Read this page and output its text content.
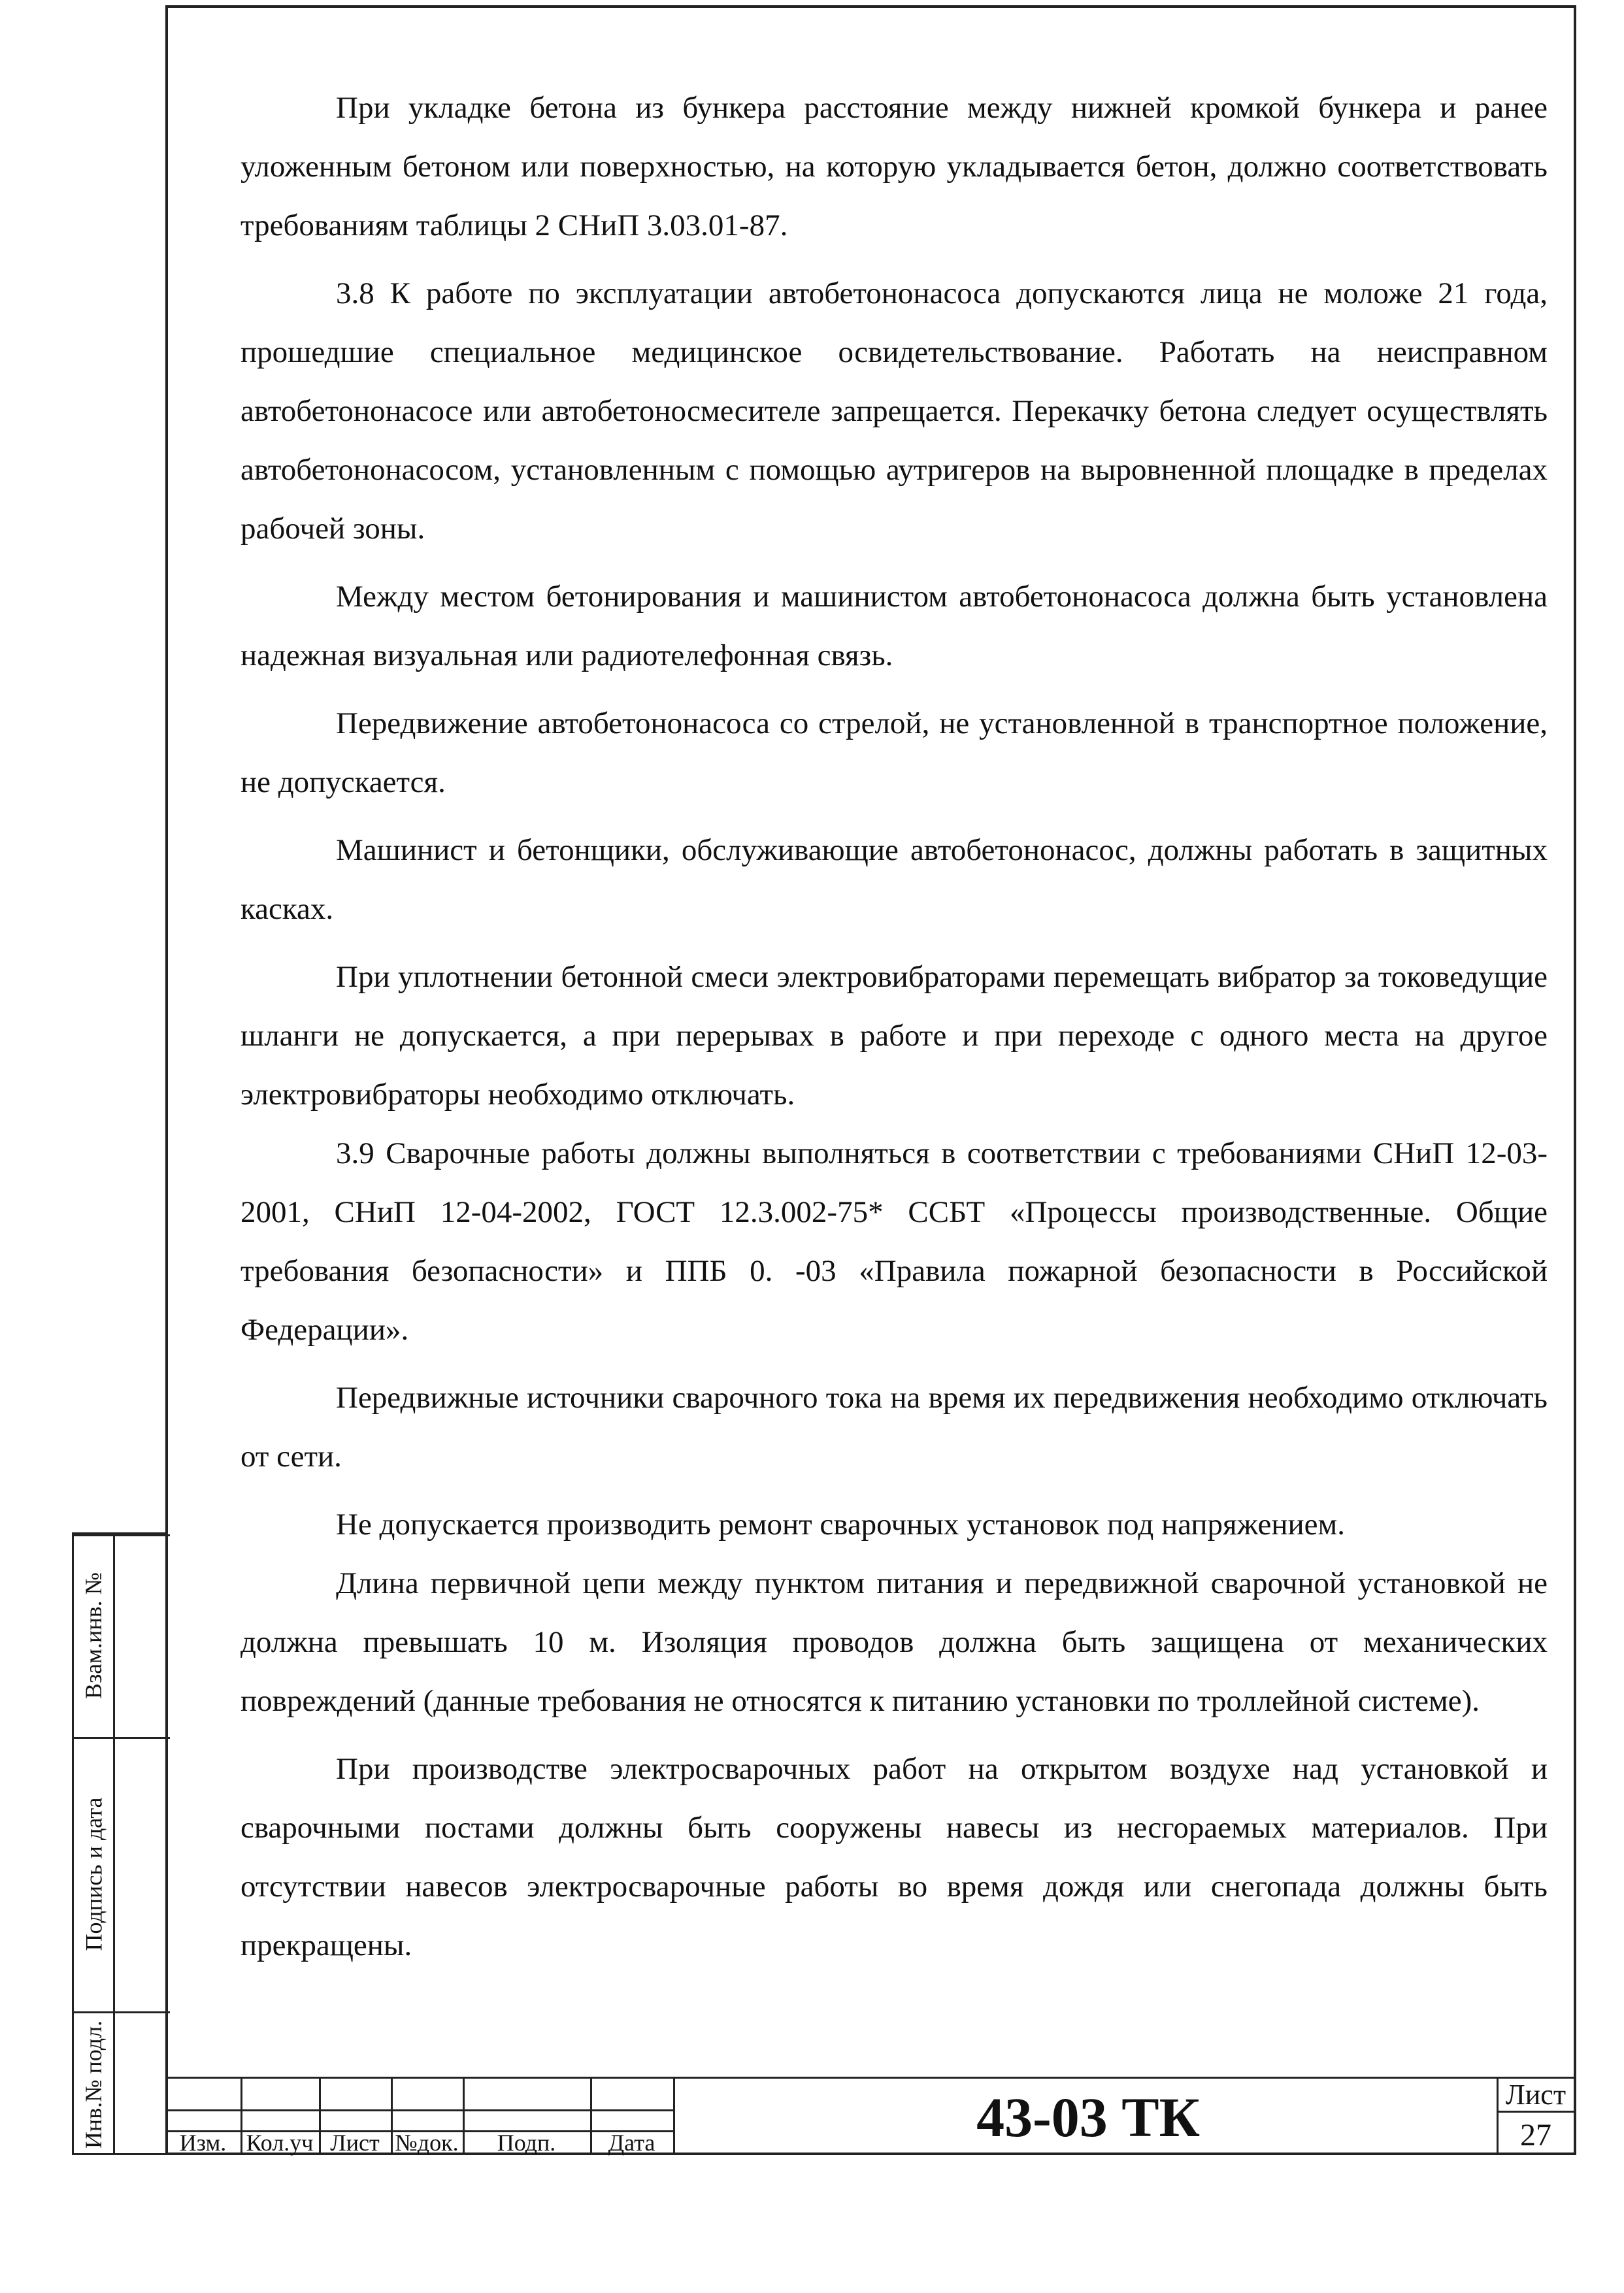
При укладке бетона из бункера расстояние между нижней кромкой бункера и ранее уложенным бетоном или поверхностью, на которую укладывается бетон, должно соответствовать требованиям таблицы 2 СНиП 3.03.01-87.

3.8 К работе по эксплуатации автобетононасоса допускаются лица не моложе 21 года, прошедшие специальное медицинское освидетельствование. Работать на неисправном автобетононасосе или автобетоносмесителе запрещается. Перекачку бетона следует осуществлять автобетононасосом, установленным с помощью аутригеров на выровненной площадке в пределах рабочей зоны.

Между местом бетонирования и машинистом автобетононасоса должна быть установлена надежная визуальная или радиотелефонная связь.

Передвижение автобетононасоса со стрелой, не установленной в транспортное положение, не допускается.

Машинист и бетонщики, обслуживающие автобетононасос, должны работать в защитных касках.

При уплотнении бетонной смеси электровибраторами перемещать вибратор за токоведущие шланги не допускается, а при перерывах в работе и при переходе с одного места на другое электровибраторы необходимо отключать.

3.9 Сварочные работы должны выполняться в соответствии с требованиями СНиП 12-03-2001, СНиП 12-04-2002, ГОСТ 12.3.002-75* ССБТ «Процессы производственные. Общие требования безопасности» и ППБ 0. -03 «Правила пожарной безопасности в Российской Федерации».

Передвижные источники сварочного тока на время их передвижения необходимо отключать от сети.

Не допускается производить ремонт сварочных установок под напряжением.

Длина первичной цепи между пунктом питания и передвижной сварочной установкой не должна превышать 10 м. Изоляция проводов должна быть защищена от механических повреждений (данные требования не относятся к питанию установки по троллейной системе).

При производстве электросварочных работ на открытом воздухе над установкой и сварочными постами должны быть сооружены навесы из несгораемых материалов. При отсутствии навесов электросварочные работы во время дождя или снегопада должны быть прекращены.

Взам.инв. №
Подпись и дата
Инв.№ подл.	Изм. Кол.уч Лист №док.	Подп.	Дата	43-03 ТК	Лист
27
